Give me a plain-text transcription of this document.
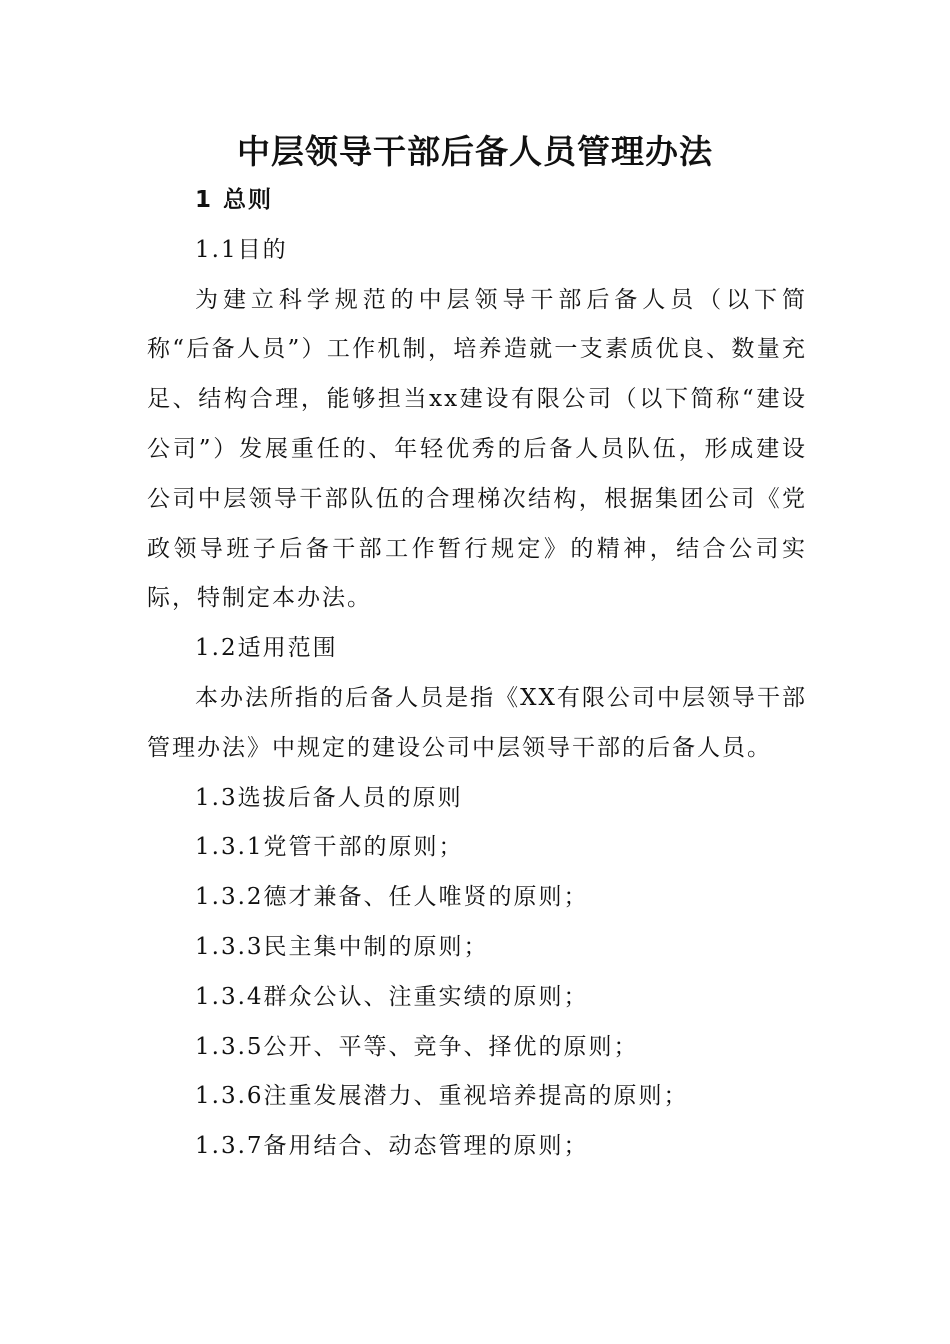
中层领导干部后备人员管理办法

1 总则

1.1目的

为建立科学规范的中层领导干部后备人员（以下简称“后备人员”）工作机制，培养造就一支素质优良、数量充足、结构合理，能够担当xx建设有限公司（以下简称“建设公司”）发展重任的、年轻优秀的后备人员队伍，形成建设公司中层领导干部队伍的合理梯次结构，根据集团公司《党政领导班子后备干部工作暂行规定》的精神，结合公司实际，特制定本办法。

1.2适用范围

本办法所指的后备人员是指《XX有限公司中层领导干部管理办法》中规定的建设公司中层领导干部的后备人员。

1.3选拔后备人员的原则

1.3.1党管干部的原则；

1.3.2德才兼备、任人唯贤的原则；

1.3.3民主集中制的原则；

1.3.4群众公认、注重实绩的原则；

1.3.5公开、平等、竞争、择优的原则；

1.3.6注重发展潜力、重视培养提高的原则；

1.3.7备用结合、动态管理的原则；
